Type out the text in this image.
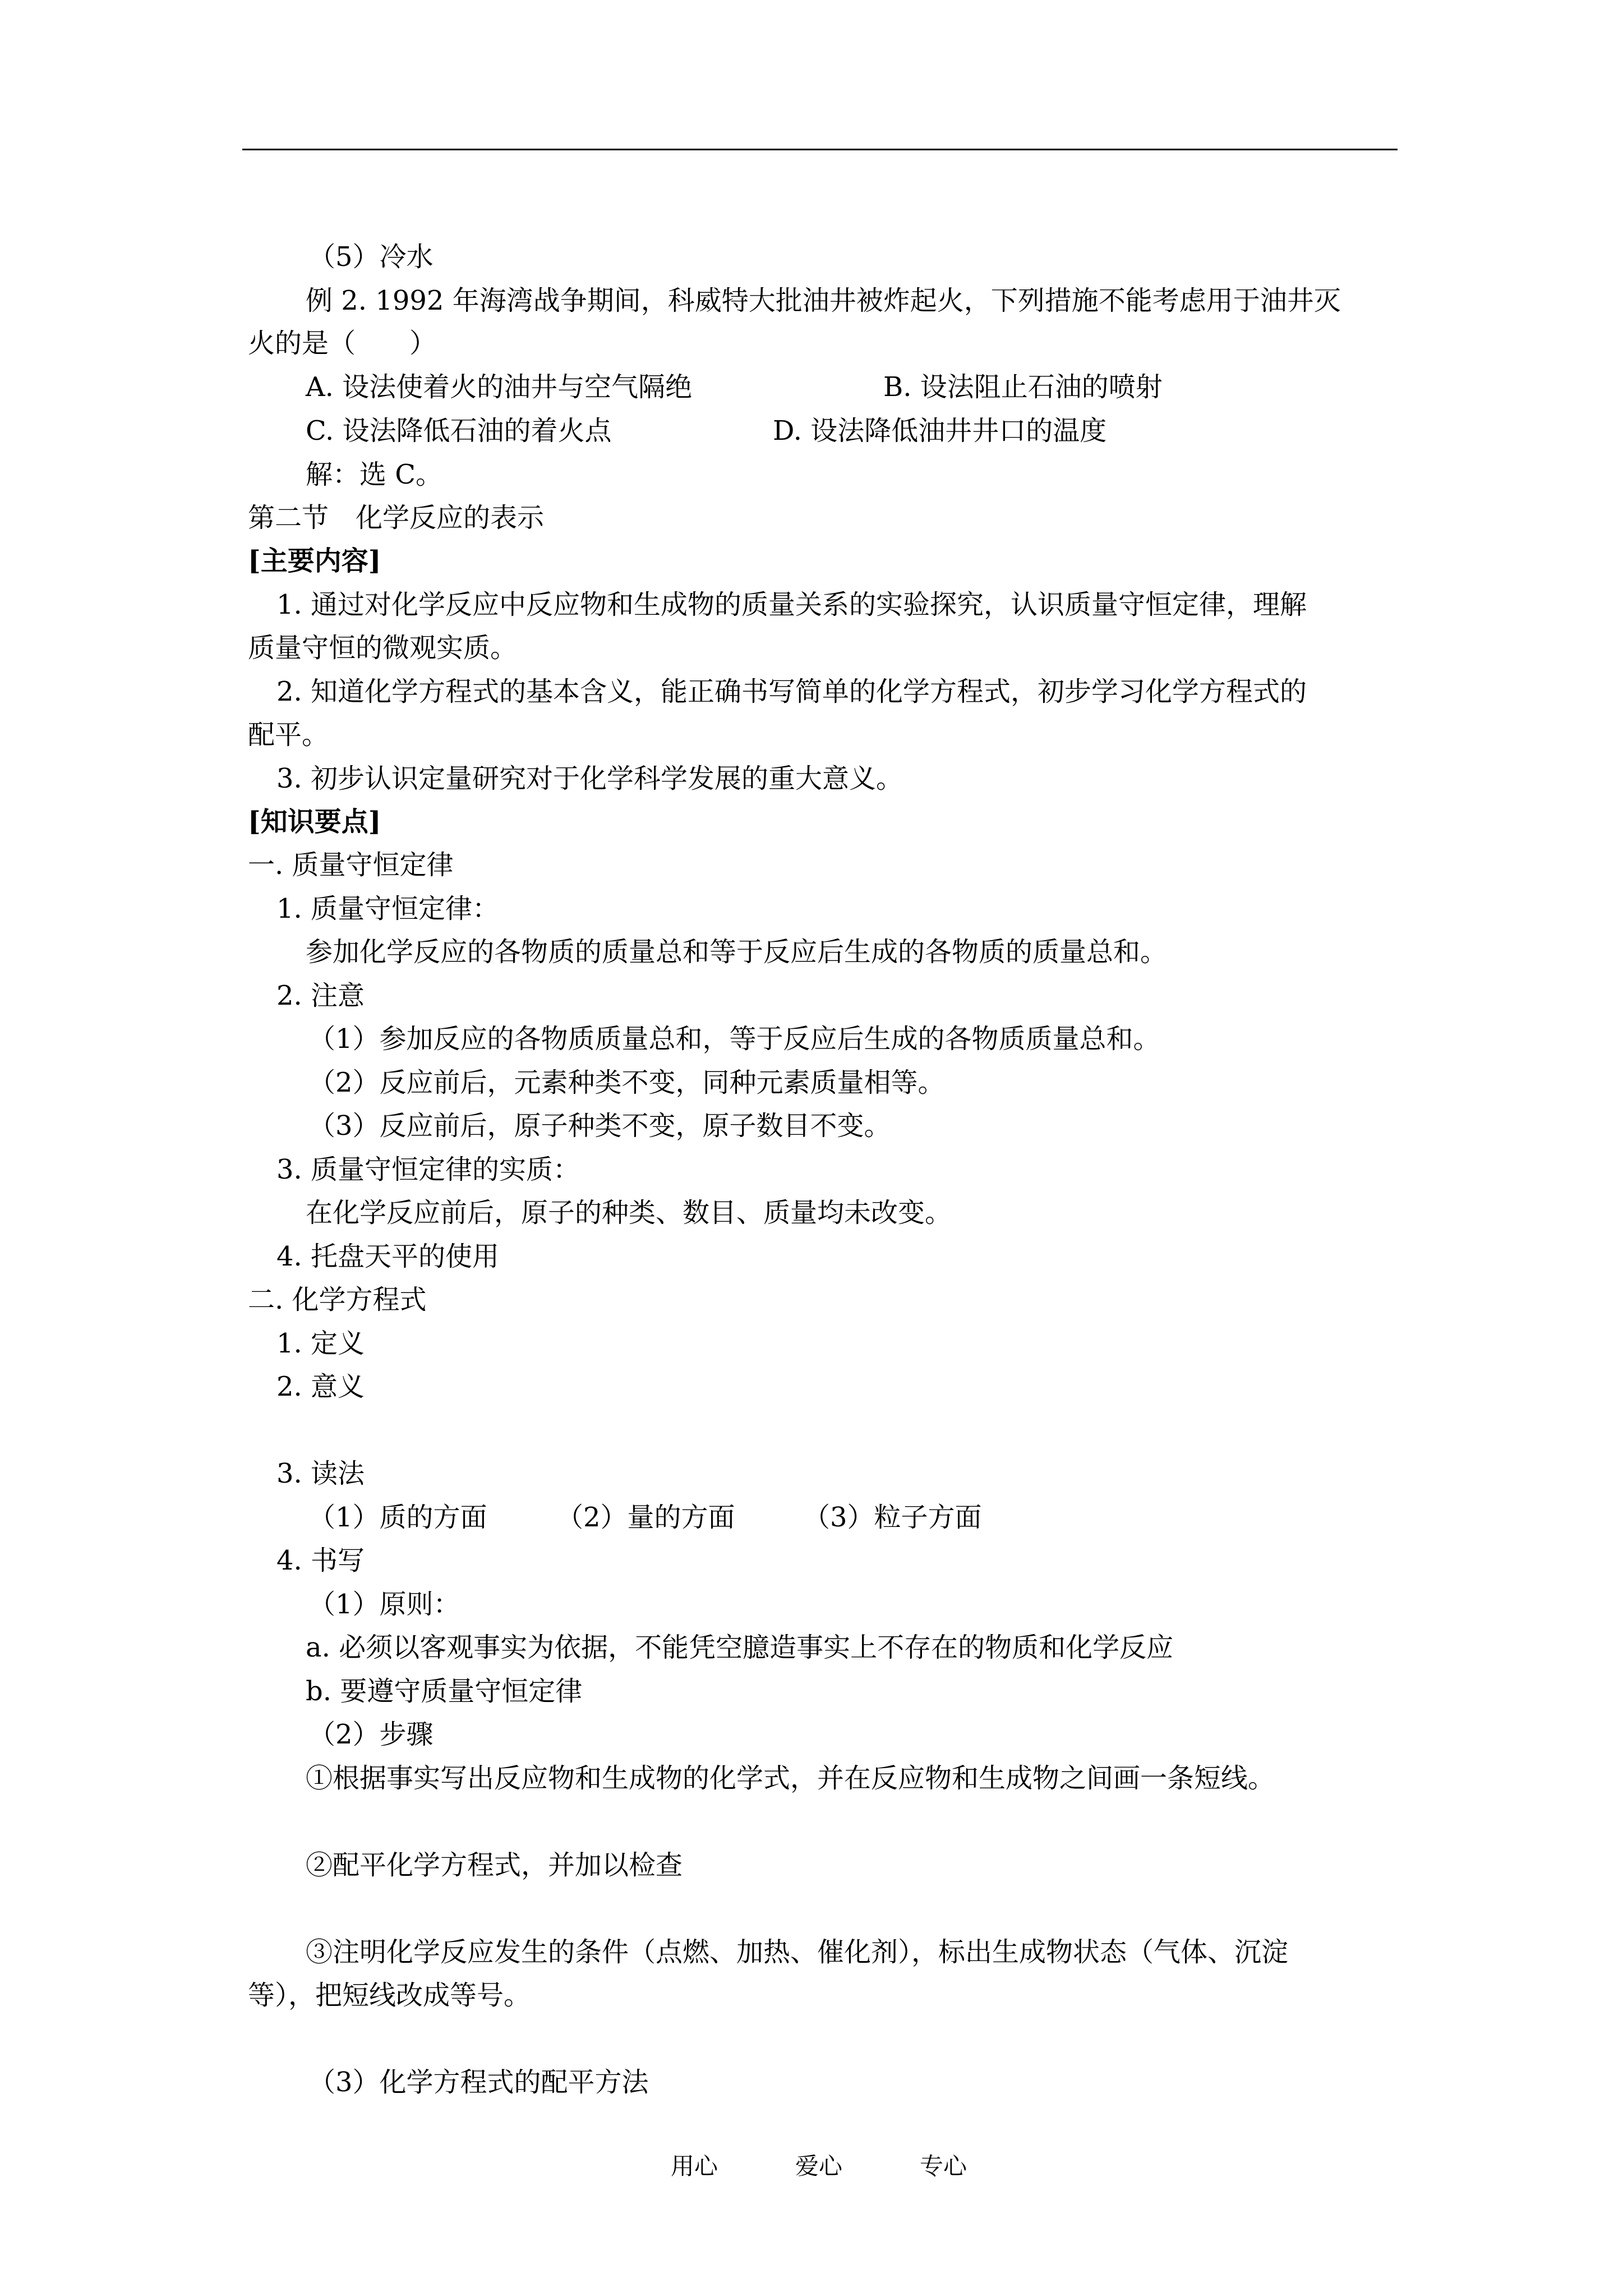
（5）冷水
例 2. 1992 年海湾战争期间，科威特大批油井被炸起火，下列措施不能考虑用于油井灭
火的是（　　）
A. 设法使着火的油井与空气隔绝	B. 设法阻止石油的喷射
C. 设法降低石油的着火点	D. 设法降低油井井口的温度
解：选 C。
第二节　化学反应的表示
[主要内容]
1. 通过对化学反应中反应物和生成物的质量关系的实验探究，认识质量守恒定律，理解
质量守恒的微观实质。
2. 知道化学方程式的基本含义，能正确书写简单的化学方程式，初步学习化学方程式的
配平。
3. 初步认识定量研究对于化学科学发展的重大意义。
[知识要点]
一. 质量守恒定律
1. 质量守恒定律：
参加化学反应的各物质的质量总和等于反应后生成的各物质的质量总和。
2. 注意
（1）参加反应的各物质质量总和，等于反应后生成的各物质质量总和。
（2）反应前后，元素种类不变，同种元素质量相等。
（3）反应前后，原子种类不变，原子数目不变。
3. 质量守恒定律的实质：
在化学反应前后，原子的种类、数目、质量均未改变。
4. 托盘天平的使用
二. 化学方程式
1. 定义
2. 意义
3. 读法
（1）质的方面	（2）量的方面	（3）粒子方面
4. 书写
（1）原则：
a. 必须以客观事实为依据，不能凭空臆造事实上不存在的物质和化学反应
b. 要遵守质量守恒定律
（2）步骤
①根据事实写出反应物和生成物的化学式，并在反应物和生成物之间画一条短线。
②配平化学方程式，并加以检查
③注明化学反应发生的条件（点燃、加热、催化剂），标出生成物状态（气体、沉淀
等），把短线改成等号。
（3）化学方程式的配平方法
用心	爱心	专心
